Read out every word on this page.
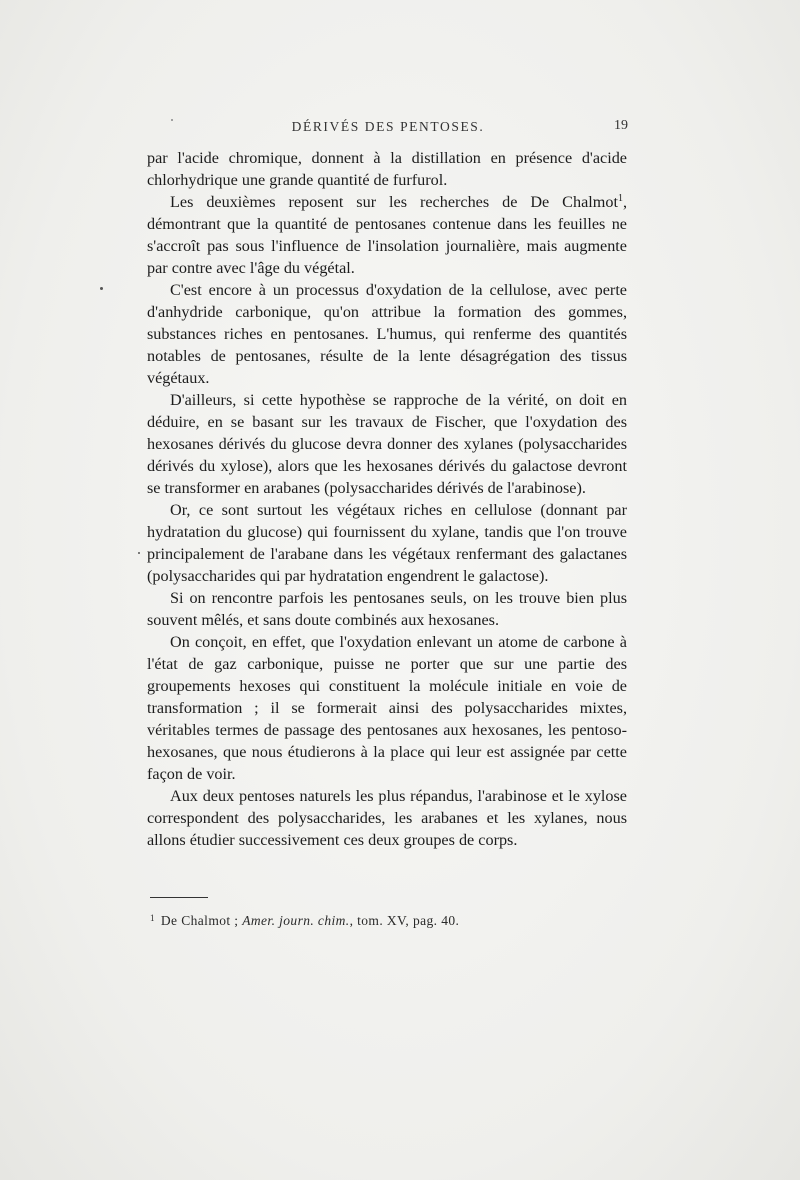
DÉRIVÉS DES PENTOSES.	19

par l'acide chromique, donnent à la distillation en présence d'acide chlorhydrique une grande quantité de furfurol.

Les deuxièmes reposent sur les recherches de De Chalmot$^1$, démontrant que la quantité de pentosanes contenue dans les feuilles ne s'accroît pas sous l'influence de l'insolation journalière, mais augmente par contre avec l'âge du végétal.

C'est encore à un processus d'oxydation de la cellulose, avec perte d'anhydride carbonique, qu'on attribue la formation des gommes, substances riches en pentosanes. L'humus, qui renferme des quantités notables de pentosanes, résulte de la lente désagrégation des tissus végétaux.

D'ailleurs, si cette hypothèse se rapproche de la vérité, on doit en déduire, en se basant sur les travaux de Fischer, que l'oxydation des hexosanes dérivés du glucose devra donner des xylanes (polysaccharides dérivés du xylose), alors que les hexosanes dérivés du galactose devront se transformer en arabanes (polysaccharides dérivés de l'arabinose).

Or, ce sont surtout les végétaux riches en cellulose (donnant par hydratation du glucose) qui fournissent du xylane, tandis que l'on trouve principalement de l'arabane dans les végétaux renfermant des galactanes (polysaccharides qui par hydratation engendrent le galactose).

Si on rencontre parfois les pentosanes seuls, on les trouve bien plus souvent mêlés, et sans doute combinés aux hexosanes.

On conçoit, en effet, que l'oxydation enlevant un atome de carbone à l'état de gaz carbonique, puisse ne porter que sur une partie des groupements hexoses qui constituent la molécule initiale en voie de transformation ; il se formerait ainsi des polysaccharides mixtes, véritables termes de passage des pentosanes aux hexosanes, les pentoso-hexosanes, que nous étudierons à la place qui leur est assignée par cette façon de voir.

Aux deux pentoses naturels les plus répandus, l'arabinose et le xylose correspondent des polysaccharides, les arabanes et les xylanes, nous allons étudier successivement ces deux groupes de corps.

$^1$ De Chalmot ; Amer. journ. chim., tom. XV, pag. 40.
